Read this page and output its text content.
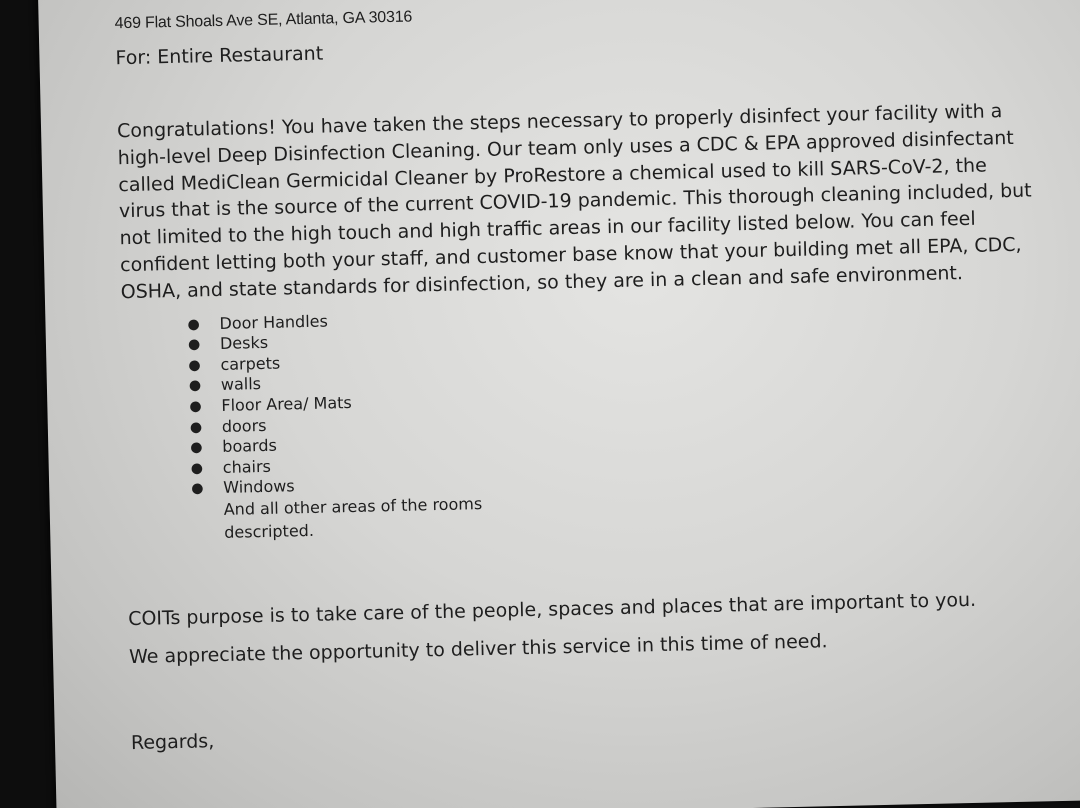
469 Flat Shoals Ave SE, Atlanta, GA 30316

For: Entire Restaurant

Congratulations! You have taken the steps necessary to properly disinfect your facility with a high-level Deep Disinfection Cleaning. Our team only uses a CDC & EPA approved disinfectant called MediClean Germicidal Cleaner by ProRestore a chemical used to kill SARS-CoV-2, the virus that is the source of the current COVID-19 pandemic. This thorough cleaning included, but not limited to the high touch and high traffic areas in our facility listed below. You can feel confident letting both your staff, and customer base know that your building met all EPA, CDC, OSHA, and state standards for disinfection, so they are in a clean and safe environment.

● Door Handles
● Desks
● carpets
● walls
● Floor Area/ Mats
● doors
● boards
● chairs
● Windows

And all other areas of the rooms descripted.

COITs purpose is to take care of the people, spaces and places that are important to you.

We appreciate the opportunity to deliver this service in this time of need.

Regards,
